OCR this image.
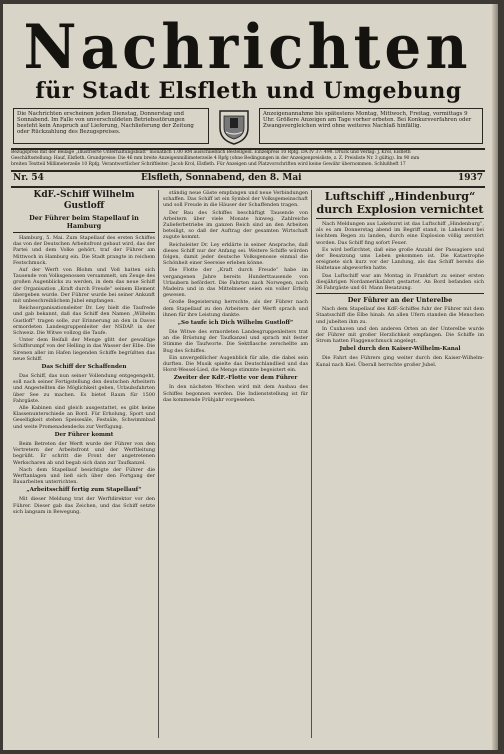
Nachrichten
für Stadt Elsfleth und Umgebung
Die Nachrichten erscheinen jeden Dienstag, Donnerstag und Sonnabend. Im Falle von unverschuldeten Betriebsstörungen besteht kein Anspruch auf Lieferung, Nachlieferung der Zeitung oder Rückzahlung des Bezugspreises.
Anzeigenannahme bis spätestens Montag, Mittwoch, Freitag, vormittags 9 Uhr. Größere Anzeigen am Tage vorher erbeten. Bei Konkursverfahren oder Zwangsvergleichen wird ohne weiteres Nachlaß hinfällig.
Bezugspreis mit der Beilage „Illustrierte Unterhaltungsblatt“ monatlich 1.00 RM ausschließlich Bestellgeld. Einzelpreis 10 Rpfg. DA IV 37: 498. Druck und Verlag: J. Krol, Elsfleth
Geschäftsstellung: Hauf, Elsfleth. Grundpreise: Die 46 mm breite Anzeigenmillimeterzeile 4 Rpfg (ohne Bedingungen in der Anzeigenpreisliste, z. Z. Preisliste Nr. 3 gültig). Im 90 mm
breiten Textteil Millimeterzeile 10 Rpfg. Verantwortlicher Schriftleiter: Jacob Krol, Elsfleth. Für Anzeigen und Platzvorschriften wird keine Gewähr übernommen. Schlußheft 17
Nr. 54	Elsfleth, Sonnabend, den 8. Mai	1937
KdF.-Schiff Wilhelm Gustloff
Der Führer beim Stapellauf in Hamburg

Hamburg, 5. Mai. Zum Stapellauf des ersten Schiffes das von der Deutschen Arbeitsfront gebaut wird, das der Partei und dem Volke gehört, traf der Führer am Mittwoch in Hamburg ein. Die Stadt prangte in reichem Festschmuck.

Auf der Werft von Blohm und Voß hatten sich Tausende von Volksgenossen versammelt, um Zeuge des großen Augenblicks zu werden, in dem das neue Schiff der Organisation „Kraft durch Freude“ seinem Element übergeben wurde. Der Führer wurde bei seiner Ankunft mit unbeschreiblichem Jubel empfangen.

Reichsorganisationsleiter Dr. Ley hielt die Taufrede und gab bekannt, daß das Schiff den Namen „Wilhelm Gustloff“ tragen solle, zur Erinnerung an den in Davos ermordeten Landesgruppenleiter der NSDAP. in der Schweiz. Die Witwe vollzog die Taufe.

Unter dem Beifall der Menge glitt der gewaltige Schiffsrumpf von der Helling in das Wasser der Elbe. Die Sirenen aller im Hafen liegenden Schiffe begrüßten das neue Schiff.

Das Schiff der Schaffenden

Das Schiff, das nun seiner Vollendung entgegengeht, soll nach seiner Fertigstellung den deutschen Arbeitern und Angestellten die Möglichkeit geben, Urlaubsfahrten über See zu machen. Es bietet Raum für 1500 Fahrgäste.

Alle Kabinen sind gleich ausgestattet, es gibt keine Klassenunterschiede an Bord. Für Erholung, Sport und Geselligkeit stehen Speisesäle, Festsäle, Schwimmbad und weite Promenadendecks zur Verfügung.

Der Führer kommt

Beim Betreten der Werft wurde der Führer von den Vertretern der Arbeitsfront und der Werftleitung begrüßt. Er schritt die Front der angetretenen Werkscharen ab und begab sich dann zur Taufkanzel.

Nach dem Stapellauf besichtigte der Führer die Werftanlagen und ließ sich über den Fortgang der Bauarbeiten unterrichten.

„Arbeitsschiff fertig zum Stapellauf“

Mit dieser Meldung trat der Werftdirektor vor den Führer. Dieser gab das Zeichen, und das Schiff setzte sich langsam in Bewegung.

ständig neue Gäste empfangen und neue Verbindungen schaffen. Das Schiff ist ein Symbol der Volksgemeinschaft und soll Freude in die Häuser der Schaffenden tragen.

Der Bau des Schiffes beschäftigt Tausende von Arbeitern über viele Monate hinweg. Zahlreiche Zulieferbetriebe im ganzen Reich sind an den Arbeiten beteiligt, so daß der Auftrag der gesamten Wirtschaft zugute kommt.

Reichsleiter Dr. Ley erklärte in seiner Ansprache, daß dieses Schiff nur der Anfang sei. Weitere Schiffe würden folgen, damit jeder deutsche Volksgenosse einmal die Schönheit einer Seereise erleben könne.

Die Flotte der „Kraft durch Freude“ habe im vergangenen Jahre bereits Hunderttausende von Urlaubern befördert. Die Fahrten nach Norwegen, nach Madeira und in das Mittelmeer seien ein voller Erfolg gewesen.

Große Begeisterung herrschte, als der Führer nach dem Stapellauf zu den Arbeitern der Werft sprach und ihnen für ihre Leistung dankte.

„So taufe ich Dich Wilhelm Gustloff“

Die Witwe des ermordeten Landesgruppenleiters trat an die Brüstung der Taufkanzel und sprach mit fester Stimme die Taufworte. Die Sektflasche zerschellte am Bug des Schiffes.

Ein unvergeßlicher Augenblick für alle, die dabei sein durften. Die Musik spielte das Deutschlandlied und das Horst-Wessel-Lied, die Menge stimmte begeistert ein.

Zweiter der KdF.-Flotte vor dem Führer

In den nächsten Wochen wird mit dem Ausbau des Schiffes begonnen werden. Die Indienststellung ist für das kommende Frühjahr vorgesehen.

Luftschiff „Hindenburg“ durch Explosion vernichtet

Nach Meldungen aus Lakehurst ist das Luftschiff „Hindenburg“, als es am Donnerstag abend im Begriff stand, in Lakehurst bei leichtem Regen zu landen, durch eine Explosion völlig zerstört worden. Das Schiff fing sofort Feuer.

Es wird befürchtet, daß eine große Anzahl der Passagiere und der Besatzung ums Leben gekommen ist. Die Katastrophe ereignete sich kurz vor der Landung, als das Schiff bereits die Haltetaue abgeworfen hatte.

Das Luftschiff war am Montag in Frankfurt zu seiner ersten diesjährigen Nordamerikafahrt gestartet. An Bord befanden sich 36 Fahrgäste und 61 Mann Besatzung.

Der Führer an der Unterelbe

Nach dem Stapellauf des KdF.-Schiffes fuhr der Führer mit dem Staatsschiff die Elbe hinab. An allen Ufern standen die Menschen und jubelten ihm zu.

In Cuxhaven und den anderen Orten an der Unterelbe wurde der Führer mit großer Herzlichkeit empfangen. Die Schiffe im Strom hatten Flaggenschmuck angelegt.

Jubel durch den Kaiser-Wilhelm-Kanal

Die Fahrt des Führers ging weiter durch den Kaiser-Wilhelm-Kanal nach Kiel. Überall herrschte großer Jubel.
